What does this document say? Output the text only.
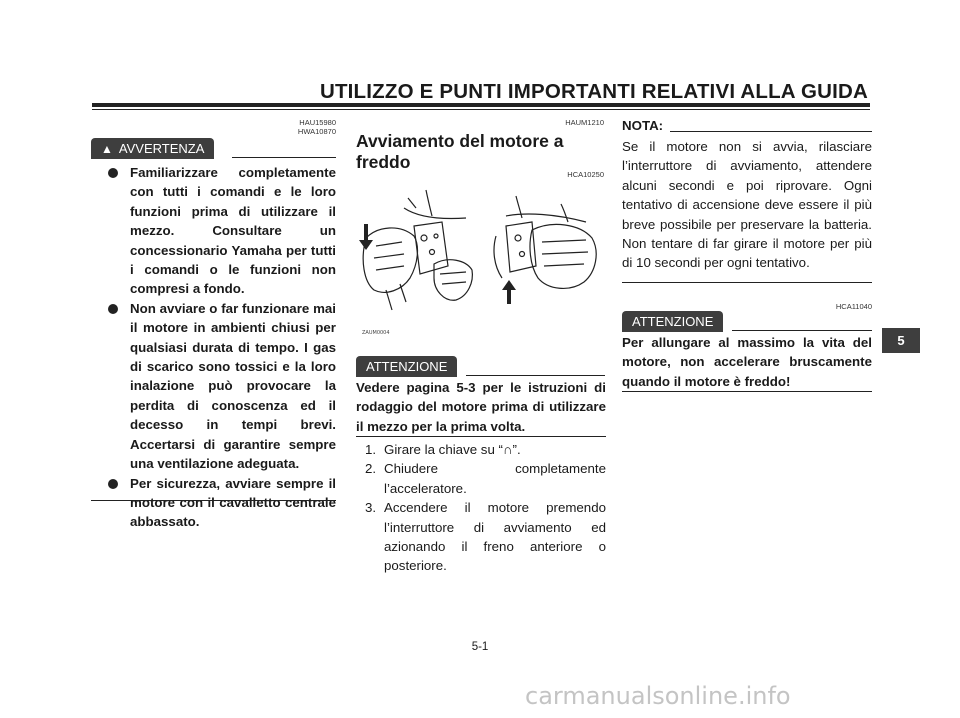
UTILIZZO E PUNTI IMPORTANTI RELATIVI ALLA GUIDA
HAU15980
HWA10870
▲ AVVERTENZA
Familiarizzare completamente con tutti i comandi e le loro funzioni prima di utilizzare il mezzo. Consultare un concessionario Yamaha per tutti i comandi o le funzioni non compresi a fondo.
Non avviare o far funzionare mai il motore in ambienti chiusi per qualsiasi durata di tempo. I gas di scarico sono tossici e la loro inalazione può provocare la perdita di conoscenza ed il decesso in tempi brevi. Accertarsi di garantire sempre una ventilazione adeguata.
Per sicurezza, avviare sempre il motore con il cavalletto centrale abbassato.
HAUM1210
Avviamento del motore a
freddo
HCA10250
ZAUM0004
ATTENZIONE
Vedere pagina 5-3 per le istruzioni di rodaggio del motore prima di utilizzare il mezzo per la prima volta.
1. Girare la chiave su “∩”.
2. Chiudere completamente l’acceleratore.
3. Accendere il motore premendo l’interruttore di avviamento ed azionando il freno anteriore o posteriore.
NOTA:
Se il motore non si avvia, rilasciare l’interruttore di avviamento, attendere alcuni secondi e poi riprovare. Ogni tentativo di accensione deve essere il più breve possibile per preservare la batteria. Non tentare di far girare il motore per più di 10 secondi per ogni tentativo.
HCA11040
ATTENZIONE
Per allungare al massimo la vita del motore, non accelerare bruscamente quando il motore è freddo!
5
5-1
carmanualsonline.info
